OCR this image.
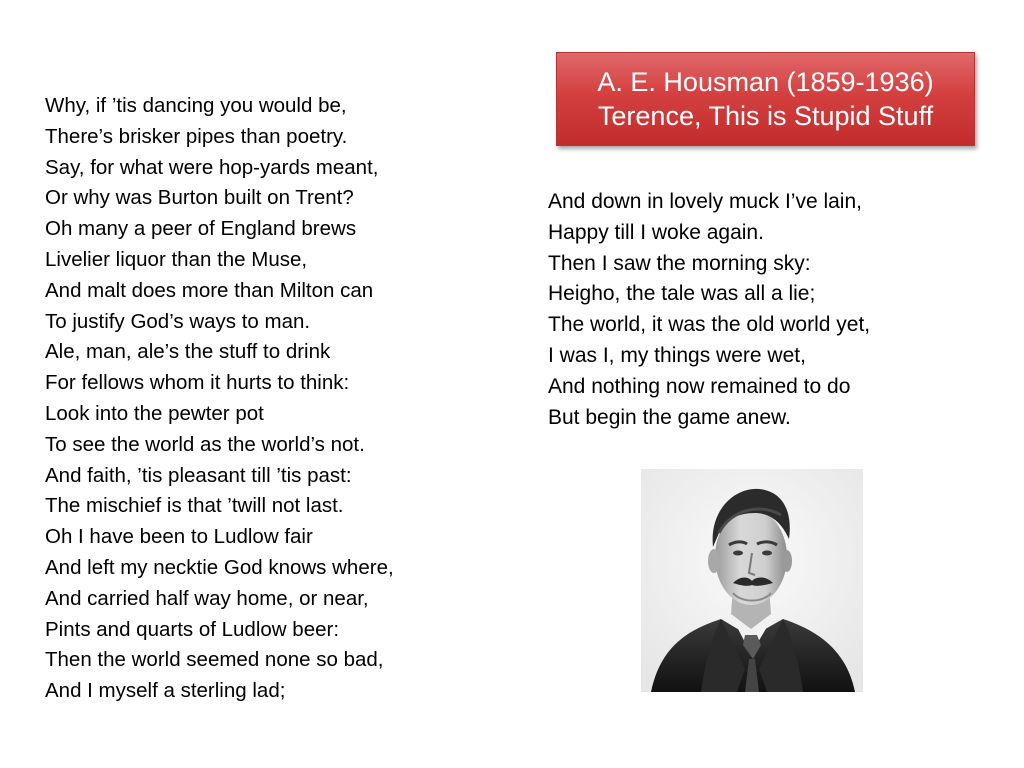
Why, if ’tis dancing you would be,
There’s brisker pipes than poetry.
Say, for what were hop-yards meant,
Or why was Burton built on Trent?
Oh many a peer of England brews
Livelier liquor than the Muse,
And malt does more than Milton can
To justify God’s ways to man.
Ale, man, ale’s the stuff to drink
For fellows whom it hurts to think:
Look into the pewter pot
To see the world as the world’s not.
And faith, ’tis pleasant till ’tis past:
The mischief is that ’twill not last.
Oh I have been to Ludlow fair
And left my necktie God knows where,
And carried half way home, or near,
Pints and quarts of Ludlow beer:
Then the world seemed none so bad,
And I myself a sterling lad;
A. E. Housman (1859-1936)
Terence, This is Stupid Stuff
And down in lovely muck I’ve lain,
Happy till I woke again.
Then I saw the morning sky:
Heigho, the tale was all a lie;
The world, it was the old world yet,
I was I, my things were wet,
And nothing now remained to do
But begin the game anew.
